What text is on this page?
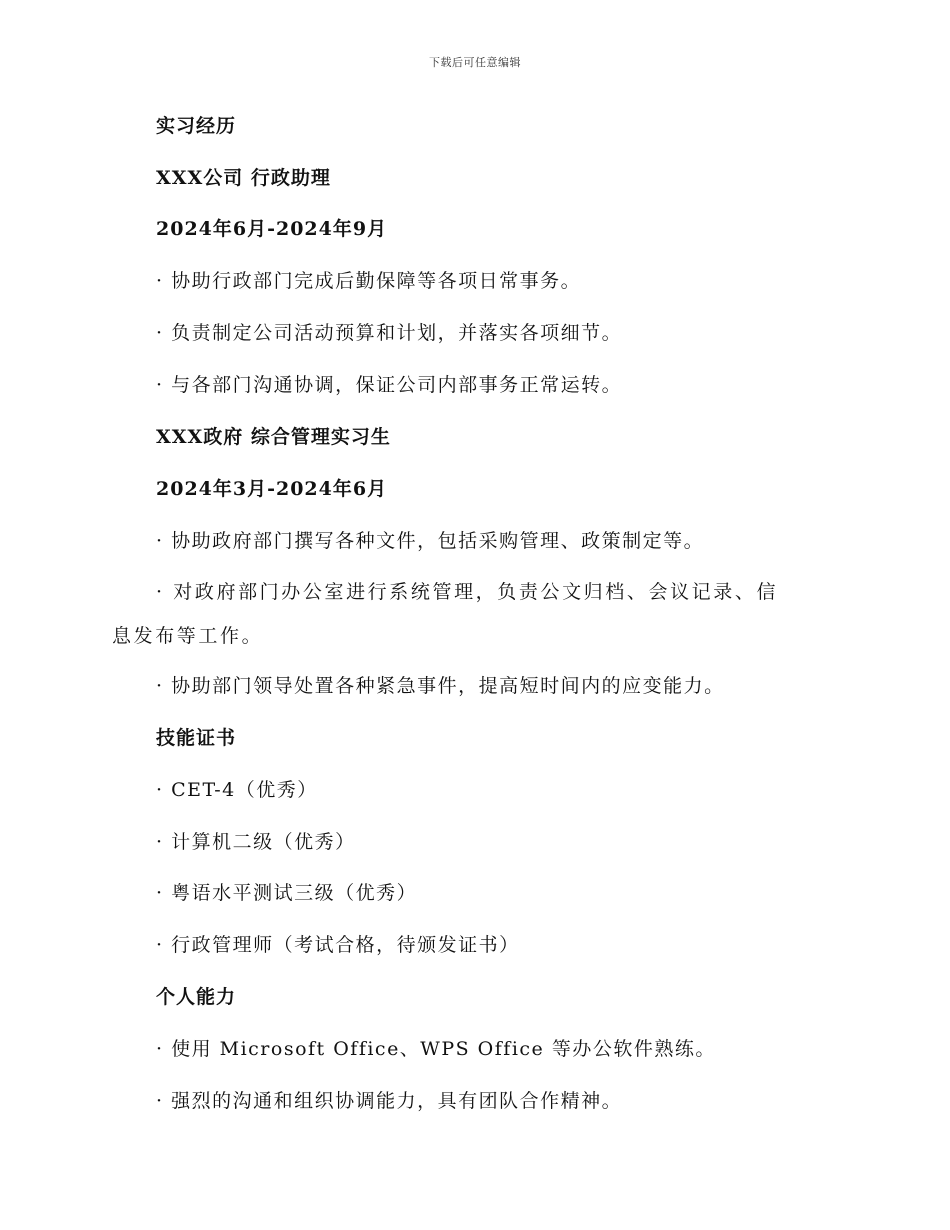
下载后可任意编辑
实习经历
XXX公司 行政助理
2024年6月-2024年9月
· 协助行政部门完成后勤保障等各项日常事务。
· 负责制定公司活动预算和计划，并落实各项细节。
· 与各部门沟通协调，保证公司内部事务正常运转。
XXX政府 综合管理实习生
2024年3月-2024年6月
· 协助政府部门撰写各种文件，包括采购管理、政策制定等。
· 对政府部门办公室进行系统管理，负责公文归档、会议记录、信息发布等工作。
· 协助部门领导处置各种紧急事件，提高短时间内的应变能力。
技能证书
· CET-4（优秀）
· 计算机二级（优秀）
· 粤语水平测试三级（优秀）
· 行政管理师（考试合格，待颁发证书）
个人能力
· 使用 Microsoft Office、WPS Office 等办公软件熟练。
· 强烈的沟通和组织协调能力，具有团队合作精神。
